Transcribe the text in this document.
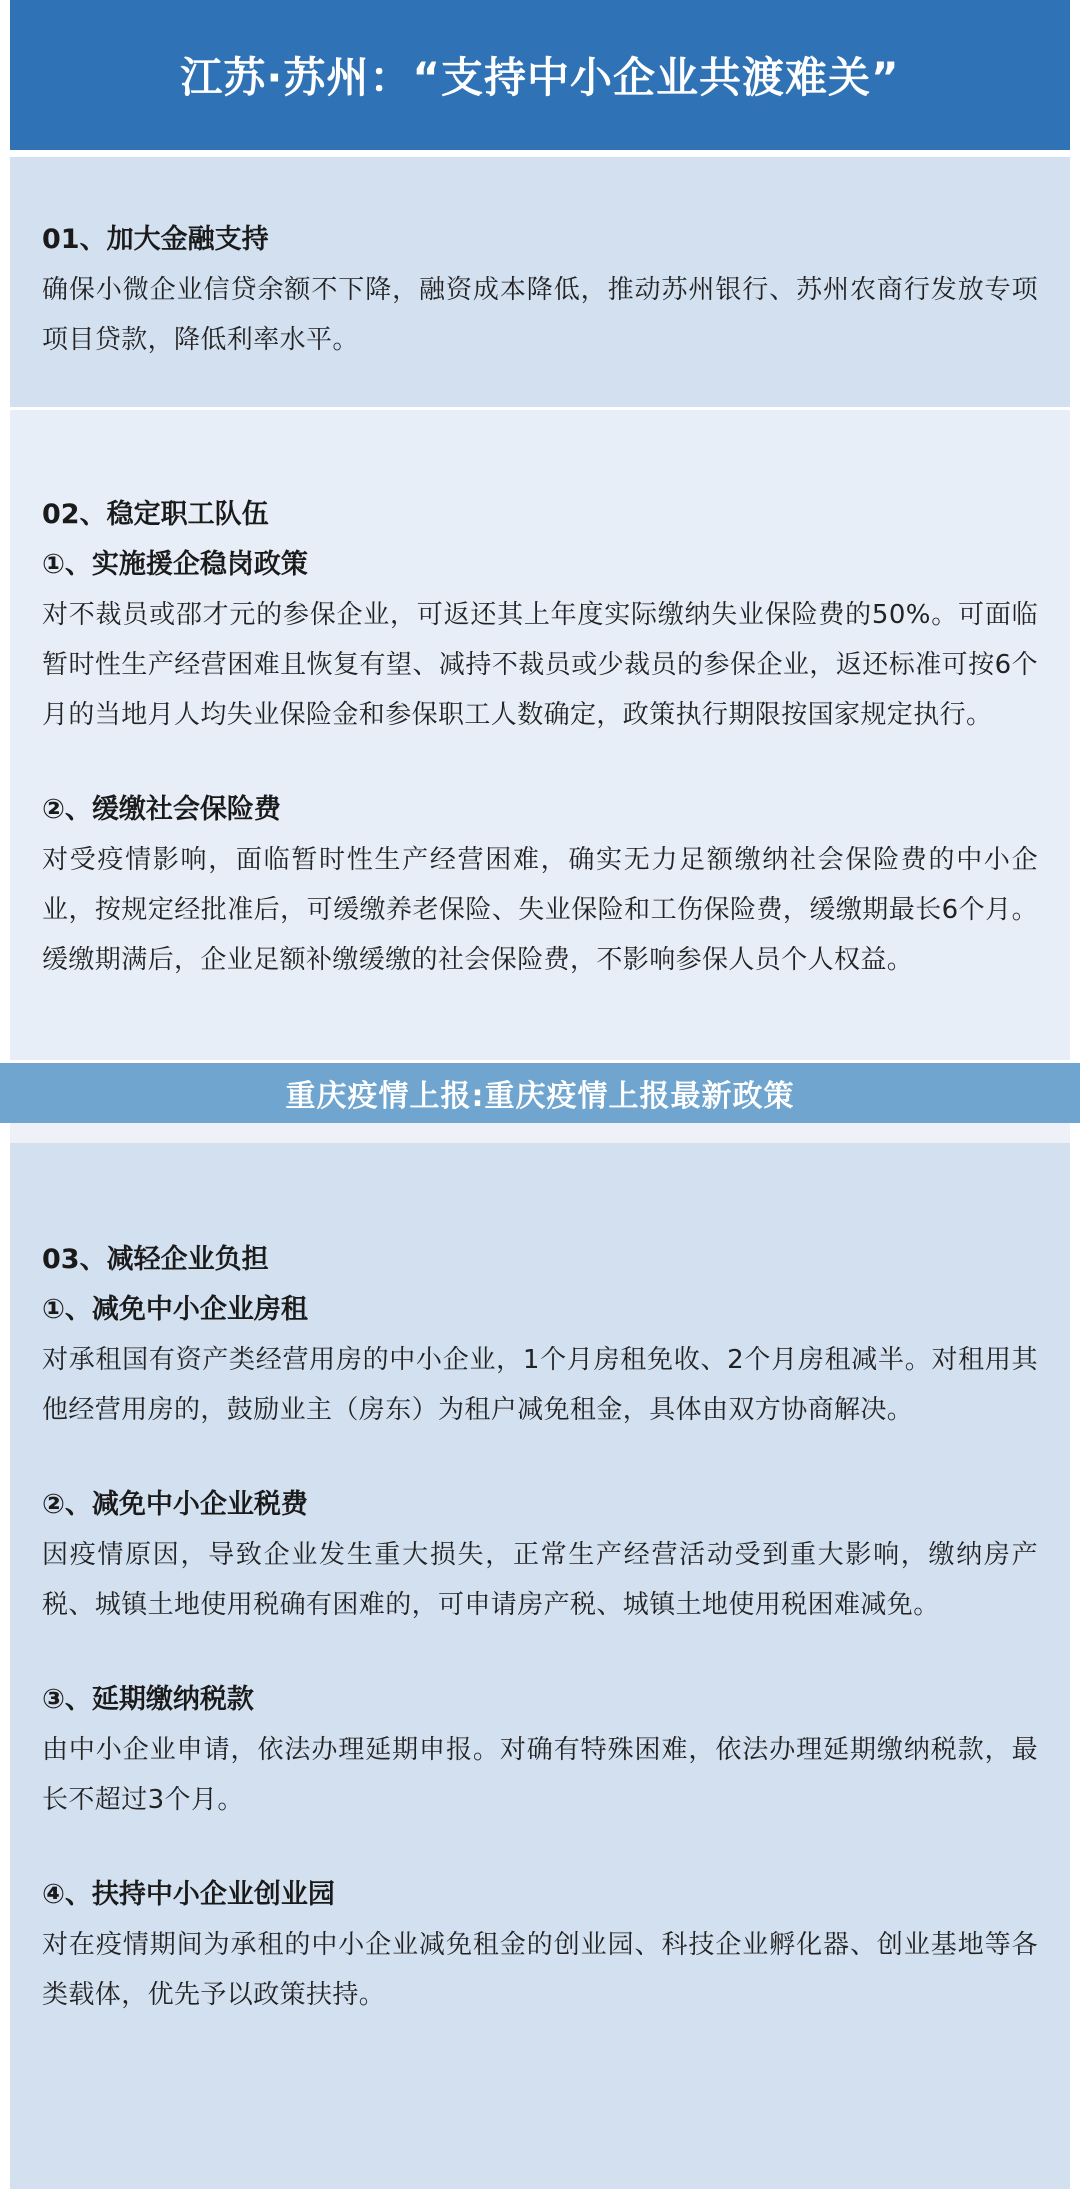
江苏·苏州：“支持中小企业共渡难关”

01、加大金融支持

确保小微企业信贷余额不下降，融资成本降低，推动苏州银行、苏州农商行发放专项项目贷款，降低利率水平。

02、稳定职工队伍

①、实施援企稳岗政策

对不裁员或邵才元的参保企业，可返还其上年度实际缴纳失业保险费的50%。可面临暂时性生产经营困难且恢复有望、减持不裁员或少裁员的参保企业，返还标准可按6个月的当地月人均失业保险金和参保职工人数确定，政策执行期限按国家规定执行。

②、缓缴社会保险费

对受疫情影响，面临暂时性生产经营困难，确实无力足额缴纳社会保险费的中小企业，按规定经批准后，可缓缴养老保险、失业保险和工伤保险费，缓缴期最长6个月。缓缴期满后，企业足额补缴缓缴的社会保险费，不影响参保人员个人权益。

重庆疫情上报:重庆疫情上报最新政策

03、减轻企业负担

①、减免中小企业房租

对承租国有资产类经营用房的中小企业，1个月房租免收、2个月房租减半。对租用其他经营用房的，鼓励业主（房东）为租户减免租金，具体由双方协商解决。

②、减免中小企业税费

因疫情原因，导致企业发生重大损失，正常生产经营活动受到重大影响，缴纳房产税、城镇土地使用税确有困难的，可申请房产税、城镇土地使用税困难减免。

③、延期缴纳税款

由中小企业申请，依法办理延期申报。对确有特殊困难，依法办理延期缴纳税款，最长不超过3个月。

④、扶持中小企业创业园

对在疫情期间为承租的中小企业减免租金的创业园、科技企业孵化器、创业基地等各类载体，优先予以政策扶持。
